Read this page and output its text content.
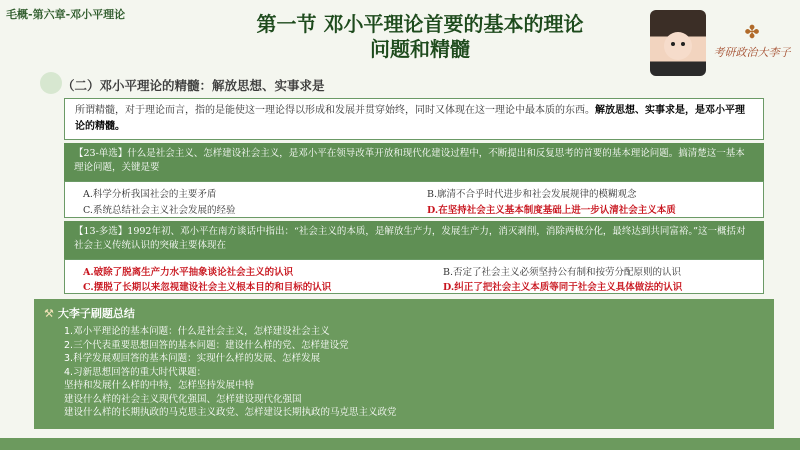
毛概-第六章-邓小平理论	第一节 邓小平理论首要的基本的理论
问题和精髓
✤
考研政治大李子
（二）邓小平理论的精髓：解放思想、实事求是
所谓精髓，对于理论而言，指的是能使这一理论得以形成和发展并贯穿始终，同时又体现在这一理论中最本质的东西。解放思想、实事求是，是邓小平理论的精髓。
【23-单选】什么是社会主义、怎样建设社会主义，是邓小平在领导改革开放和现代化建设过程中，不断提出和反复思考的首要的基本理论问题。搞清楚这一基本理论问题，关键是要
A.科学分析我国社会的主要矛盾	B.廓清不合乎时代进步和社会发展规律的模糊观念
C.系统总结社会主义社会发展的经验	D.在坚持社会主义基本制度基础上进一步认清社会主义本质
【13-多选】1992年初、邓小平在南方谈话中指出：“社会主义的本质，是解放生产力，发展生产力，消灭剥削，消除两极分化，最终达到共同富裕。”这一概括对社会主义传统认识的突破主要体现在
A.破除了脱离生产力水平抽象谈论社会主义的认识	B.否定了社会主义必须坚持公有制和按劳分配原则的认识
C.摆脱了长期以来忽视建设社会主义根本目的和目标的认识	D.纠正了把社会主义本质等同于社会主义具体做法的认识
⚒ 大李子刷题总结
1.邓小平理论的基本问题：什么是社会主义，怎样建设社会主义
2.三个代表重要思想回答的基本问题：建设什么样的党、怎样建设党
3.科学发展观回答的基本问题：实现什么样的发展、怎样发展
4.习新思想回答的重大时代课题：
坚持和发展什么样的中特，怎样坚持发展中特
建设什么样的社会主义现代化强国、怎样建设现代化强国
建设什么样的长期执政的马克思主义政党、怎样建设长期执政的马克思主义政党
